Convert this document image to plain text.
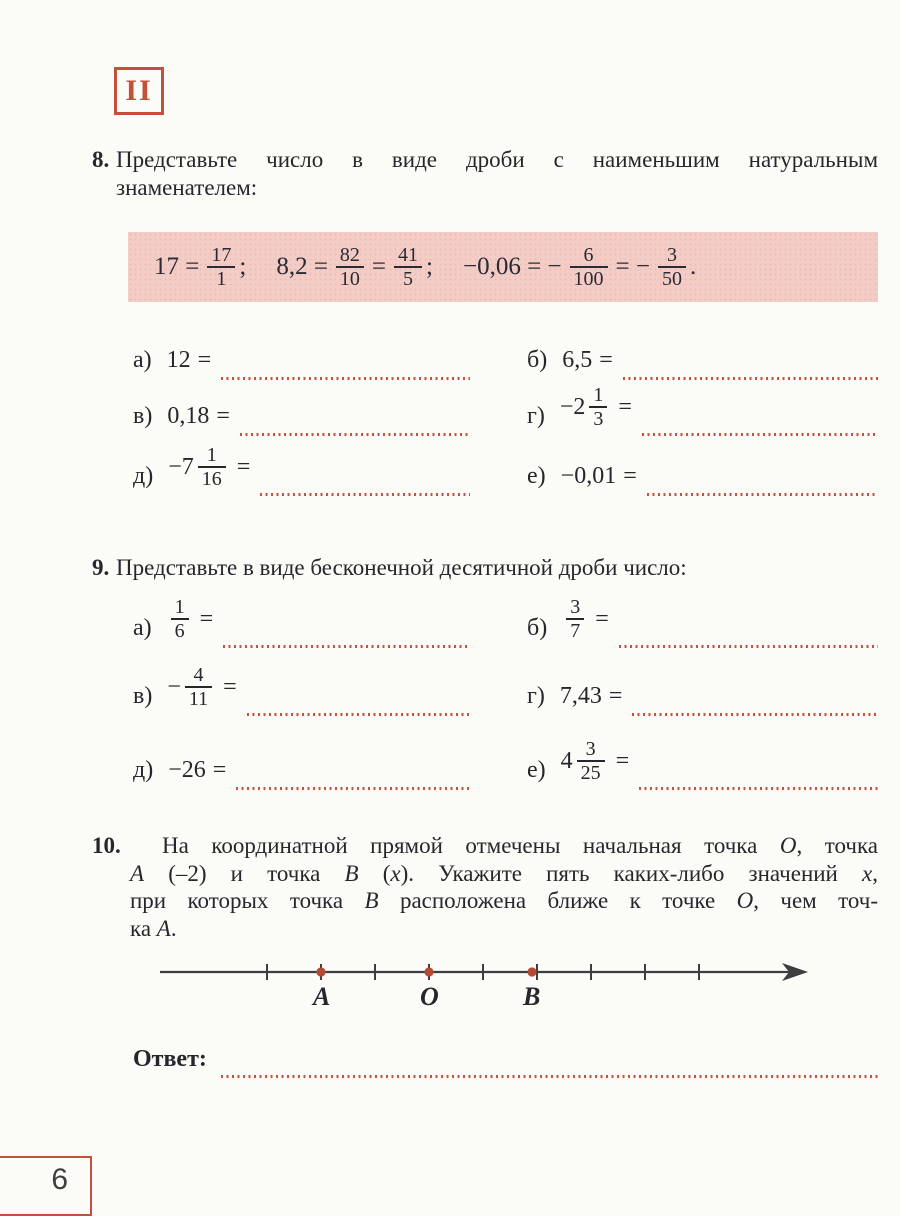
II
8. Представьте число в виде дроби с наименьшим натуральным
знаменателем:
$17 = \frac{17}{1}$ ; $8,2 = \frac{82}{10} = \frac{41}{5}$ ; −0,06 = − $\frac{6}{100}$ = − $\frac{3}{50}$ .
а) 12 =	б) 6,5 =
в) 0,18 =	$г) -2 \frac{1}{3}$ =
$д) -7 \frac{1}{16}$ =	е) −0,01 =
9. Представьте в виде бесконечной десятичной дроби число:
$а) \frac{1}{6}$ =	$б) \frac{3}{7}$ =
$в) - \frac{4}{11}$ =	г) 7,43 =
д) −26 =	е) $4 \frac{3}{25}$ =
10.	На координатной прямой отмечены начальная точка O, точка
A (–2) и точка B (x). Укажите пять каких-либо значений x,
при которых точка B расположена ближе к точке O, чем точ-
ка A.
A	O	B
Ответ:
6
